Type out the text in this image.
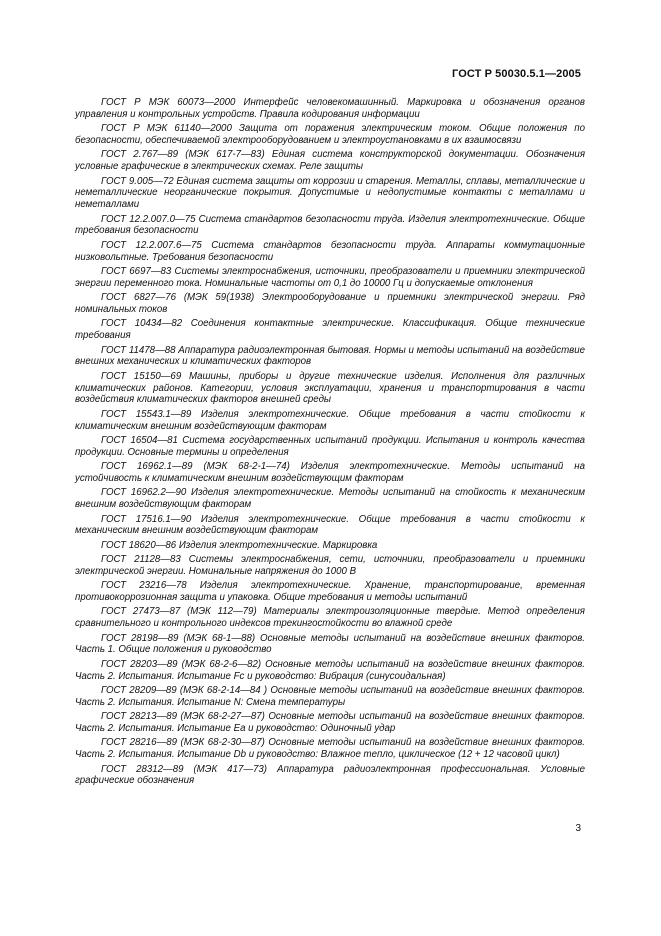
ГОСТ Р 50030.5.1—2005

ГОСТ Р МЭК 60073—2000 Интерфейс человекомашинный. Маркировка и обозначения органов управления и контрольных устройств. Правила кодирования информации

ГОСТ Р МЭК 61140—2000 Защита от поражения электрическим током. Общие положения по безопасности, обеспечиваемой электрооборудованием и электроустановками в их взаимосвязи

ГОСТ 2.767—89 (МЭК 617-7—83) Единая система конструкторской документации. Обозначения условные графические в электрических схемах. Реле защиты

ГОСТ 9.005—72 Единая система защиты от коррозии и старения. Металлы, сплавы, металлические и неметаллические неорганические покрытия. Допустимые и недопустимые контакты с металлами и неметаллами

ГОСТ 12.2.007.0—75 Система стандартов безопасности труда. Изделия электротехнические. Общие требования безопасности

ГОСТ 12.2.007.6—75 Система стандартов безопасности труда. Аппараты коммутационные низковольтные. Требования безопасности

ГОСТ 6697—83 Системы электроснабжения, источники, преобразователи и приемники электрической энергии переменного тока. Номинальные частоты от 0,1 до 10000 Гц и допускаемые отклонения

ГОСТ 6827—76 (МЭК 59(1938) Электрооборудование и приемники электрической энергии. Ряд номинальных токов

ГОСТ 10434—82 Соединения контактные электрические. Классификация. Общие технические требования

ГОСТ 11478—88 Аппаратура радиоэлектронная бытовая. Нормы и методы испытаний на воздействие внешних механических и климатических факторов

ГОСТ 15150—69 Машины, приборы и другие технические изделия. Исполнения для различных климатических районов. Категории, условия эксплуатации, хранения и транспортирования в части воздействия климатических факторов внешней среды

ГОСТ 15543.1—89 Изделия электротехнические. Общие требования в части стойкости к климатическим внешним воздействующим факторам

ГОСТ 16504—81 Система государственных испытаний продукции. Испытания и контроль качества продукции. Основные термины и определения

ГОСТ 16962.1—89 (МЭК 68-2-1—74) Изделия электротехнические. Методы испытаний на устойчивость к климатическим внешним воздействующим факторам

ГОСТ 16962.2—90 Изделия электротехнические. Методы испытаний на стойкость к механическим внешним воздействующим факторам

ГОСТ 17516.1—90 Изделия электротехнические. Общие требования в части стойкости к механическим внешним воздействующим факторам

ГОСТ 18620—86 Изделия электротехнические. Маркировка

ГОСТ 21128—83 Системы электроснабжения, сети, источники, преобразователи и приемники электрической энергии. Номинальные напряжения до 1000 В

ГОСТ 23216—78 Изделия электротехнические. Хранение, транспортирование, временная противокоррозионная защита и упаковка. Общие требования и методы испытаний

ГОСТ 27473—87 (МЭК 112—79) Материалы электроизоляционные твердые. Метод определения сравнительного и контрольного индексов трекингостойкости во влажной среде

ГОСТ 28198—89 (МЭК 68-1—88) Основные методы испытаний на воздействие внешних факторов. Часть 1. Общие положения и руководство

ГОСТ 28203—89 (МЭК 68-2-6—82) Основные методы испытаний на воздействие внешних факторов. Часть 2. Испытания. Испытание Fc и руководство: Вибрация (синусоидальная)

ГОСТ 28209—89 (МЭК 68-2-14—84 ) Основные методы испытаний на воздействие внешних факторов. Часть 2. Испытания. Испытание N: Смена температуры

ГОСТ 28213—89 (МЭК 68-2-27—87) Основные методы испытаний на воздействие внешних факторов. Часть 2. Испытания. Испытание Еа и руководство: Одиночный удар

ГОСТ 28216—89 (МЭК 68-2-30—87) Основные методы испытаний на воздействие внешних факторов. Часть 2. Испытания. Испытание Db и руководство: Влажное тепло, циклическое (12 + 12 часовой цикл)

ГОСТ 28312—89 (МЭК 417—73) Аппаратура радиоэлектронная профессиональная. Условные графические обозначения

3
